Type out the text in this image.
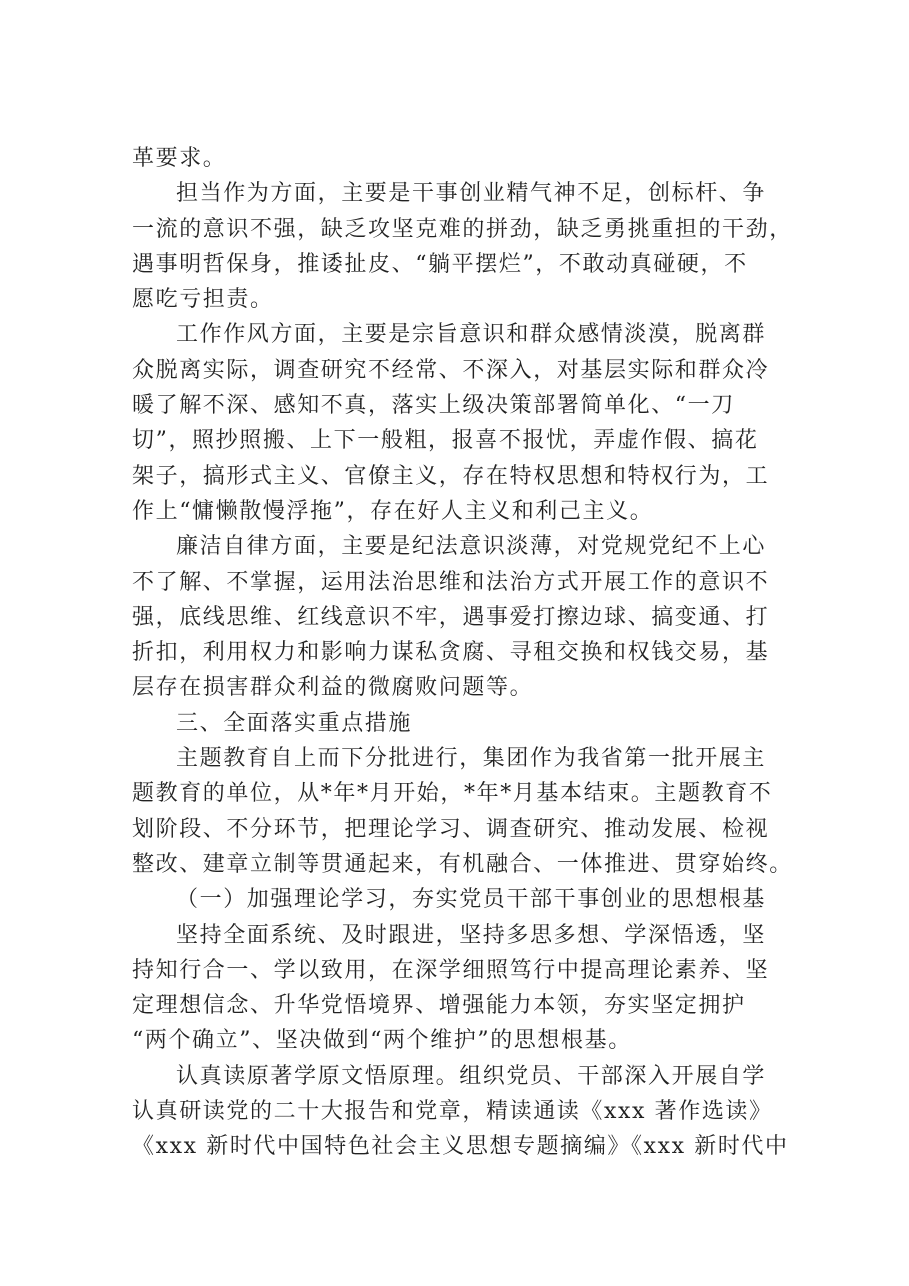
革要求。
担当作为方面，主要是干事创业精气神不足，创标杆、争
一流的意识不强，缺乏攻坚克难的拼劲，缺乏勇挑重担的干劲，
遇事明哲保身，推诿扯皮、“躺平摆烂”，不敢动真碰硬，不
愿吃亏担责。
工作作风方面，主要是宗旨意识和群众感情淡漠，脱离群
众脱离实际，调查研究不经常、不深入，对基层实际和群众冷
暖了解不深、感知不真，落实上级决策部署简单化、“一刀
切”，照抄照搬、上下一般粗，报喜不报忧，弄虚作假、搞花
架子，搞形式主义、官僚主义，存在特权思想和特权行为，工
作上“慵懒散慢浮拖”，存在好人主义和利己主义。
廉洁自律方面，主要是纪法意识淡薄，对党规党纪不上心
不了解、不掌握，运用法治思维和法治方式开展工作的意识不
强，底线思维、红线意识不牢，遇事爱打擦边球、搞变通、打
折扣，利用权力和影响力谋私贪腐、寻租交换和权钱交易，基
层存在损害群众利益的微腐败问题等。
三、全面落实重点措施
主题教育自上而下分批进行，集团作为我省第一批开展主
题教育的单位，从*年*月开始，*年*月基本结束。主题教育不
划阶段、不分环节，把理论学习、调查研究、推动发展、检视
整改、建章立制等贯通起来，有机融合、一体推进、贯穿始终。
（一）加强理论学习，夯实党员干部干事创业的思想根基
坚持全面系统、及时跟进，坚持多思多想、学深悟透，坚
持知行合一、学以致用，在深学细照笃行中提高理论素养、坚
定理想信念、升华党悟境界、增强能力本领，夯实坚定拥护
“两个确立”、坚决做到“两个维护”的思想根基。
认真读原著学原文悟原理。组织党员、干部深入开展自学
认真研读党的二十大报告和党章，精读通读《xxx 著作选读》
《xxx 新时代中国特色社会主义思想专题摘编》《xxx 新时代中
